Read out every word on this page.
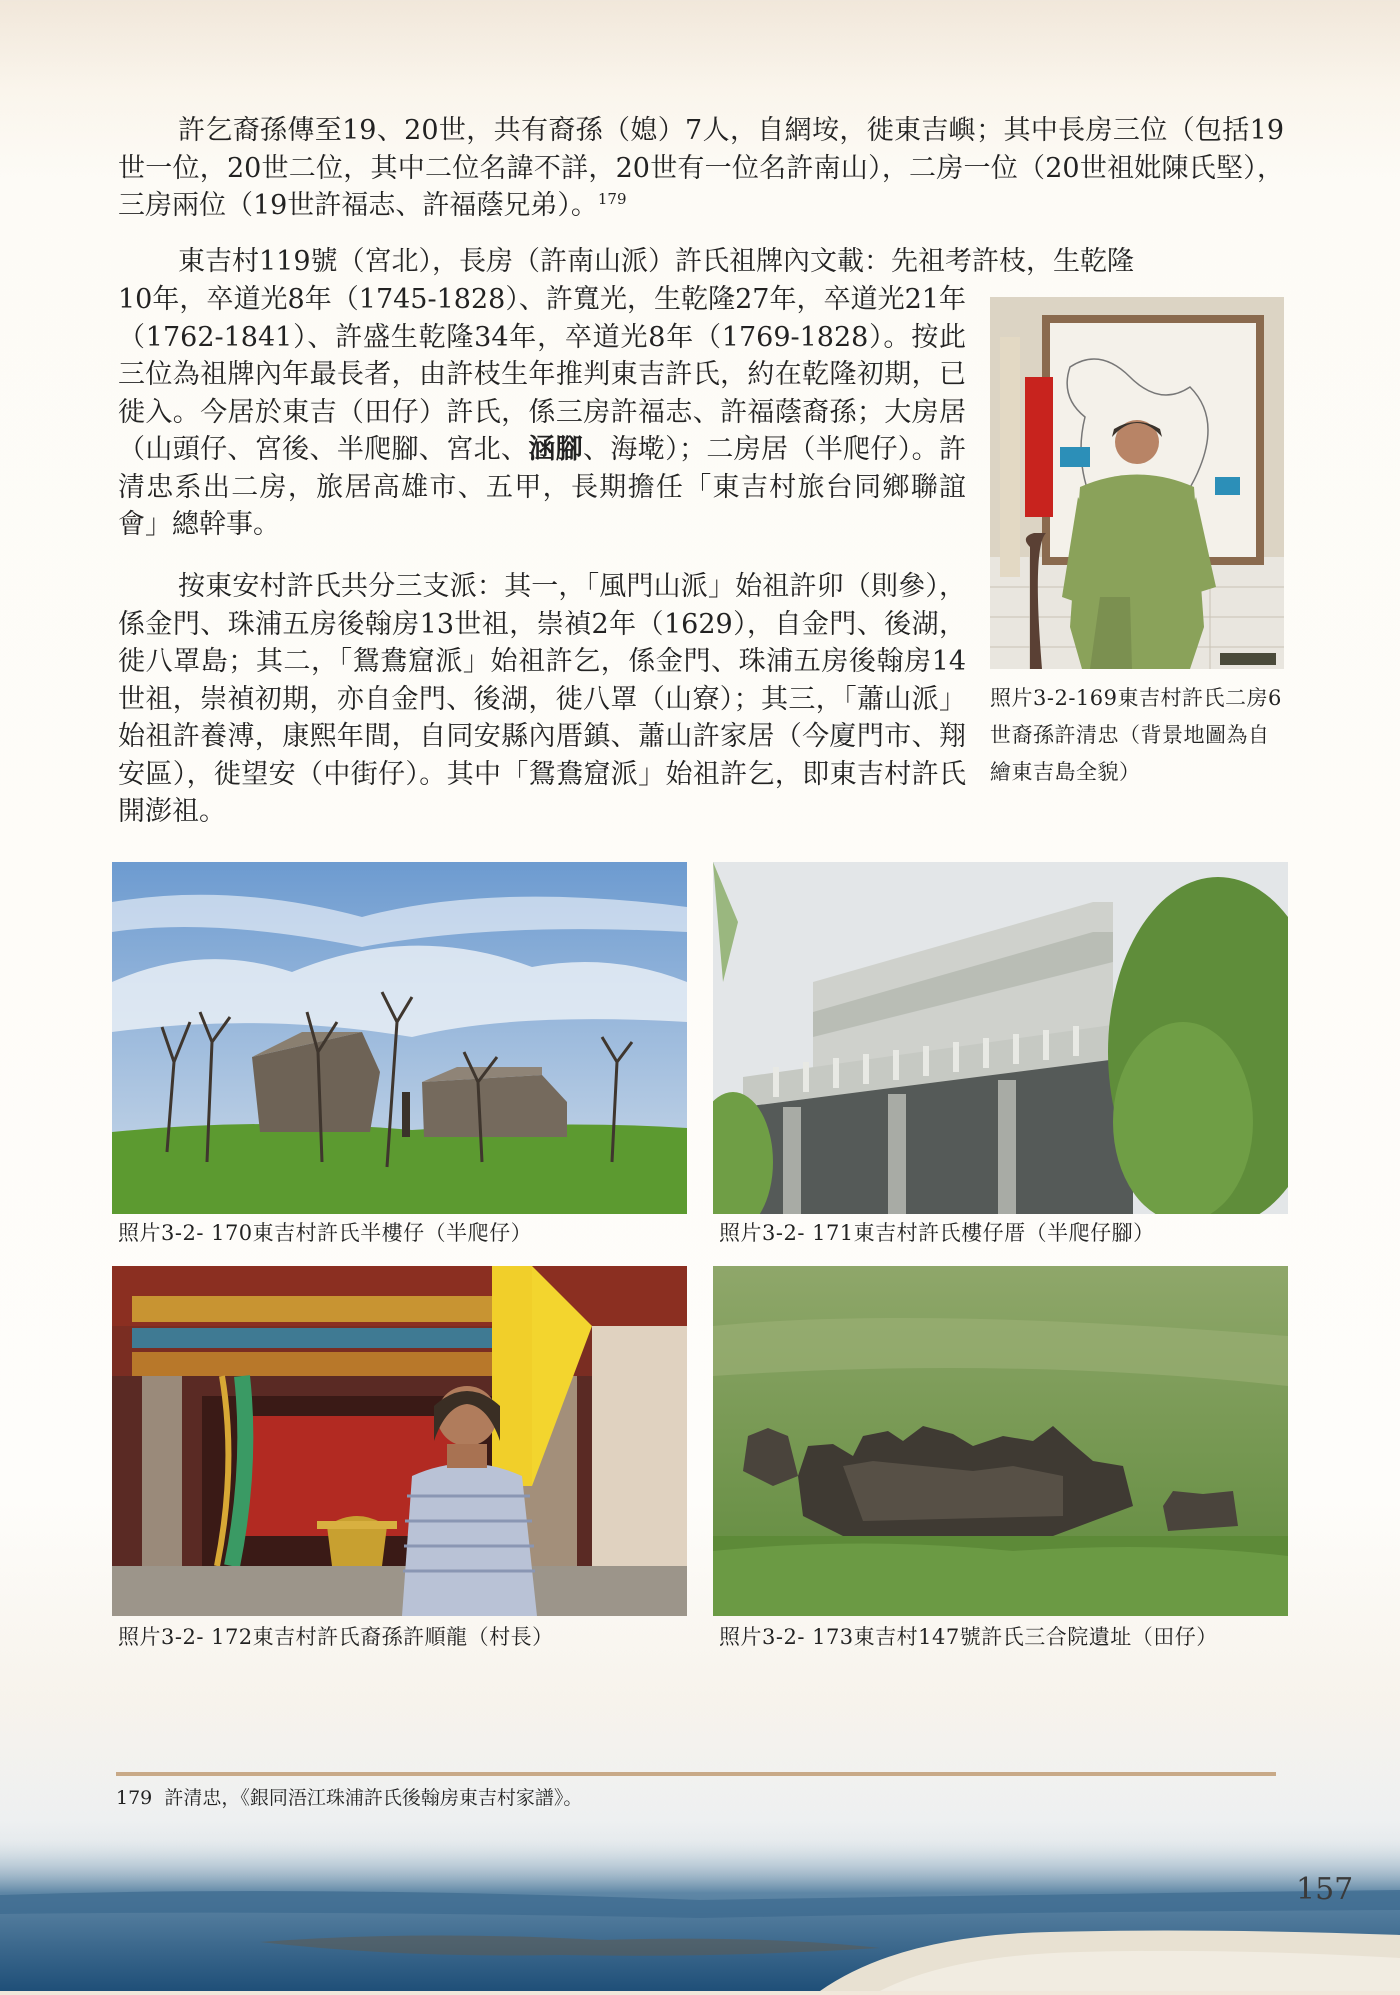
許乞裔孫傳至19、20世，共有裔孫（媳）7人，自網垵，徙東吉嶼；其中長房三位（包括19世一位，20世二位，其中二位名諱不詳，20世有一位名許南山），二房一位（20世祖妣陳氏堅），三房兩位（19世許福志、許福蔭兄弟）。$^{179}$

東吉村119號（宮北），長房（許南山派）許氏祖牌內文載：先祖考許枝，生乾隆

10年，卒道光8年（1745-1828）、許寬光，生乾隆27年，卒道光21年（1762-1841）、許盛生乾隆34年，卒道光8年（1769-1828）。按此三位為祖牌內年最長者，由許枝生年推判東吉許氏，約在乾隆初期，已徙入。今居於東吉（田仔）許氏，係三房許福志、許福蔭裔孫；大房居（山頭仔、宮後、半爬腳、宮北、涵腳、海墘）；二房居（半爬仔）。許清忠系出二房，旅居高雄市、五甲，長期擔任「東吉村旅台同鄉聯誼會」總幹事。

按東安村許氏共分三支派：其一，「風門山派」始祖許卯（則參），係金門、珠浦五房後翰房13世祖，崇禎2年（1629），自金門、後湖，徙八罩島；其二，「鴛鴦窟派」始祖許乞，係金門、珠浦五房後翰房14世祖，崇禎初期，亦自金門、後湖，徙八罩（山寮）；其三，「蕭山派」始祖許養溥，康熙年間，自同安縣內厝鎮、蕭山許家居（今廈門市、翔安區），徙望安（中街仔）。其中「鴛鴦窟派」始祖許乞，即東吉村許氏開澎祖。

照片3-2-169東吉村許氏二房6世裔孫許清忠（背景地圖為自繪東吉島全貌）
照片3-2- 170東吉村許氏半樓仔（半爬仔）	照片3-2- 171東吉村許氏樓仔厝（半爬仔腳）
照片3-2- 172東吉村許氏裔孫許順龍（村長）	照片3-2- 173東吉村147號許氏三合院遺址（田仔）

179 許清忠，《銀同浯江珠浦許氏後翰房東吉村家譜》。

157
